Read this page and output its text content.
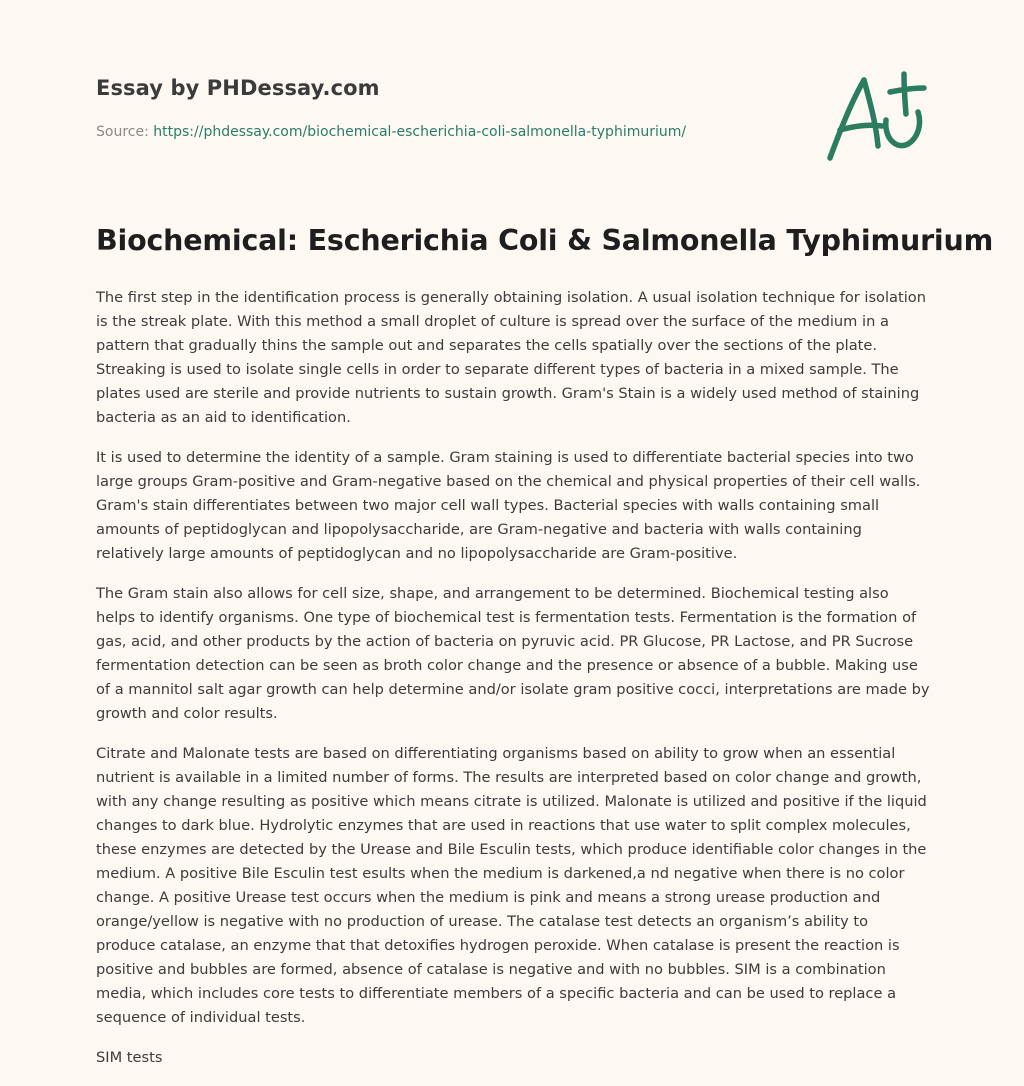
Essay by PHDessay.com
Source: https://phdessay.com/biochemical-escherichia-coli-salmonella-typhimurium/
Biochemical: Escherichia Coli & Salmonella Typhimurium

The first step in the identification process is generally obtaining isolation. A usual isolation technique for isolation is the streak plate. With this method a small droplet of culture is spread over the surface of the medium in a pattern that gradually thins the sample out and separates the cells spatially over the sections of the plate. Streaking is used to isolate single cells in order to separate different types of bacteria in a mixed sample. The plates used are sterile and provide nutrients to sustain growth. Gram's Stain is a widely used method of staining bacteria as an aid to identification.

It is used to determine the identity of a sample. Gram staining is used to differentiate bacterial species into two large groups Gram-positive and Gram-negative based on the chemical and physical properties of their cell walls. Gram's stain differentiates between two major cell wall types. Bacterial species with walls containing small amounts of peptidoglycan and lipopolysaccharide, are Gram-negative and bacteria with walls containing relatively large amounts of peptidoglycan and no lipopolysaccharide are Gram-positive.

The Gram stain also allows for cell size, shape, and arrangement to be determined. Biochemical testing also helps to identify organisms. One type of biochemical test is fermentation tests. Fermentation is the formation of gas, acid, and other products by the action of bacteria on pyruvic acid. PR Glucose, PR Lactose, and PR Sucrose fermentation detection can be seen as broth color change and the presence or absence of a bubble. Making use of a mannitol salt agar growth can help determine and/or isolate gram positive cocci, interpretations are made by growth and color results.

Citrate and Malonate tests are based on differentiating organisms based on ability to grow when an essential nutrient is available in a limited number of forms. The results are interpreted based on color change and growth, with any change resulting as positive which means citrate is utilized. Malonate is utilized and positive if the liquid changes to dark blue. Hydrolytic enzymes that are used in reactions that use water to split complex molecules, these enzymes are detected by the Urease and Bile Esculin tests, which produce identifiable color changes in the medium. A positive Bile Esculin test esults when the medium is darkened,a nd negative when there is no color change. A positive Urease test occurs when the medium is pink and means a strong urease production and orange/yellow is negative with no production of urease. The catalase test detects an organism’s ability to produce catalase, an enzyme that that detoxifies hydrogen peroxide. When catalase is present the reaction is positive and bubbles are formed, absence of catalase is negative and with no bubbles. SIM is a combination media, which includes core tests to differentiate members of a specific bacteria and can be used to replace a sequence of individual tests.

SIM tests
